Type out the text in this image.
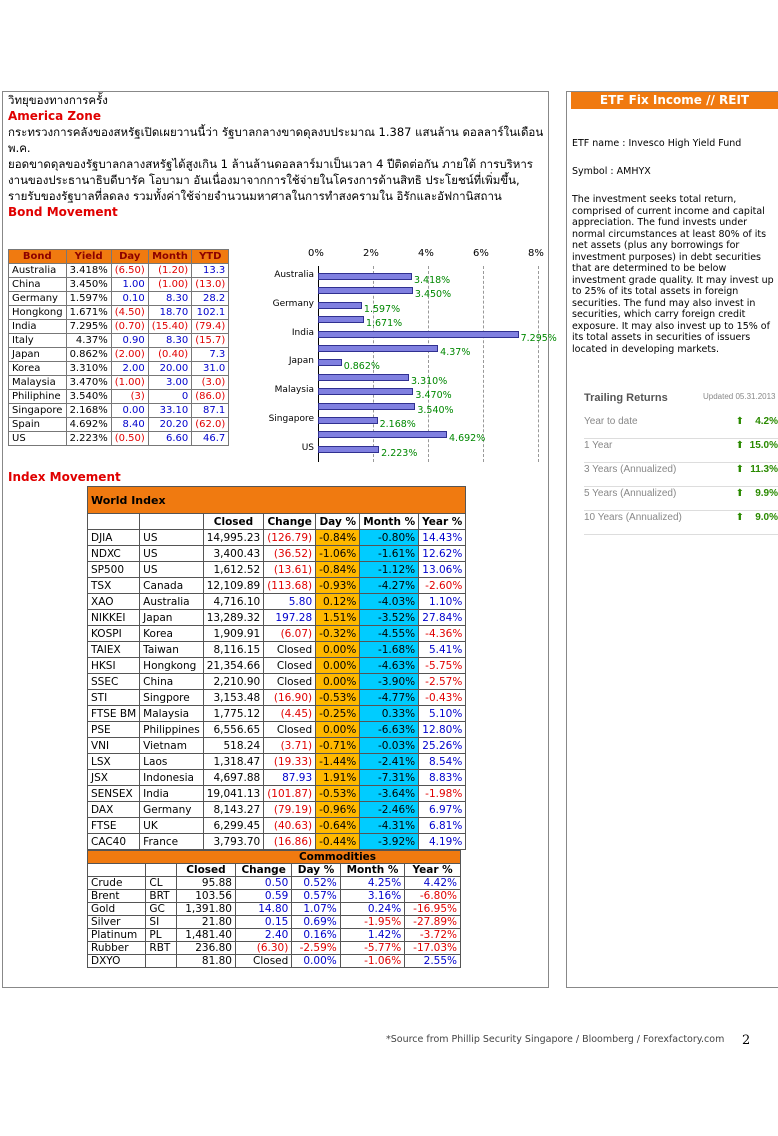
วิทยุของทางการครั้ง
America Zone
กระทรวงการคลังของสหรัฐเปิดเผยวานนี้ว่า รัฐบาลกลางขาดดุลงบประมาณ 1.387 แสนล้าน ดอลลาร์ในเดือนพ.ค.
ยอดขาดดุลของรัฐบาลกลางสหรัฐได้สูงเกิน 1 ล้านล้านดอลลาร์มาเป็นเวลา 4 ปีติดต่อกัน ภายใต้ การบริหารงานของประธานาธิบดีบารัค โอบามา อันเนื่องมาจากการใช้จ่ายในโครงการด้านสิทธิ ประโยชน์ที่เพิ่มขึ้น, รายรับของรัฐบาลที่ลดลง รวมทั้งค่าใช้จ่ายจำนวนมหาศาลในการทำสงครามใน อิรักและอัฟกานิสถาน
Bond Movement
Bond	Yield	Day	Month	YTD
Australia	3.418%	(6.50)	(1.20)	13.3
China	3.450%	1.00	(1.00)	(13.0)
Germany	1.597%	0.10	8.30	28.2
Hongkong	1.671%	(4.50)	18.70	102.1
India	7.295%	(0.70)	(15.40)	(79.4)
Italy	4.37%	0.90	8.30	(15.7)
Japan	0.862%	(2.00)	(0.40)	7.3
Korea	3.310%	2.00	20.00	31.0
Malaysia	3.470%	(1.00)	3.00	(3.0)
Philiphine	3.540%	(3)	0	(86.0)
Singapore	2.168%	0.00	33.10	87.1
Spain	4.692%	8.40	20.20	(62.0)
US	2.223%	(0.50)	6.60	46.7
0%	2%	4%	6%	8%
Australia	3.418%
3.450%
Germany	1.597%
1.671%
India	7.295%
4.37%
Japan	0.862%
3.310%
Malaysia	3.470%
3.540%
Singapore	2.168%
4.692%
US	2.223%
Index Movement
World Index						
		Closed	Change	Day %	Month %	Year %
DJIA	US	14,995.23	(126.79)	-0.84%	-0.80%	14.43%
NDXC	US	3,400.43	(36.52)	-1.06%	-1.61%	12.62%
SP500	US	1,612.52	(13.61)	-0.84%	-1.12%	13.06%
TSX	Canada	12,109.89	(113.68)	-0.93%	-4.27%	-2.60%
XAO	Australia	4,716.10	5.80	0.12%	-4.03%	1.10%
NIKKEI	Japan	13,289.32	197.28	1.51%	-3.52%	27.84%
KOSPI	Korea	1,909.91	(6.07)	-0.32%	-4.55%	-4.36%
TAIEX	Taiwan	8,116.15	Closed	0.00%	-1.68%	5.41%
HKSI	Hongkong	21,354.66	Closed	0.00%	-4.63%	-5.75%
SSEC	China	2,210.90	Closed	0.00%	-3.90%	-2.57%
STI	Singpore	3,153.48	(16.90)	-0.53%	-4.77%	-0.43%
FTSE BM	Malaysia	1,775.12	(4.45)	-0.25%	0.33%	5.10%
PSE	Philippines	6,556.65	Closed	0.00%	-6.63%	12.80%
VNI	Vietnam	518.24	(3.71)	-0.71%	-0.03%	25.26%
LSX	Laos	1,318.47	(19.33)	-1.44%	-2.41%	8.54%
JSX	Indonesia	4,697.88	87.93	1.91%	-7.31%	8.83%
SENSEX	India	19,041.13	(101.87)	-0.53%	-3.64%	-1.98%
DAX	Germany	8,143.27	(79.19)	-0.96%	-2.46%	6.97%
FTSE	UK	6,299.45	(40.63)	-0.64%	-4.31%	6.81%
CAC40	France	3,793.70	(16.86)	-0.44%	-3.92%	4.19%
Commodities						
		Closed	Change	Day %	Month %	Year %
Crude	CL	95.88	0.50	0.52%	4.25%	4.42%
Brent	BRT	103.56	0.59	0.57%	3.16%	-6.80%
Gold	GC	1,391.80	14.80	1.07%	0.24%	-16.95%
Silver	SI	21.80	0.15	0.69%	-1.95%	-27.89%
Platinum	PL	1,481.40	2.40	0.16%	1.42%	-3.72%
Rubber	RBT	236.80	(6.30)	-2.59%	-5.77%	-17.03%
DXYO		81.80	Closed	0.00%	-1.06%	2.55%
ETF Fix Income // REIT
ETF name : Invesco High Yield Fund
Symbol : AMHYX
The investment seeks total return, comprised of current income and capital appreciation. The fund invests under normal circumstances at least 80% of its net assets (plus any borrowings for investment purposes) in debt securities that are determined to be below investment grade quality. It may invest up to 25% of its total assets in foreign securities. The fund may also invest in securities, which carry foreign credit exposure. It may also invest up to 15% of its total assets in securities of issuers located in developing markets.
Trailing Returns	Updated 05.31.2013
Year to date	⬆ 4.2%
1 Year	⬆ 15.0%
3 Years (Annualized)	⬆ 11.3%
5 Years (Annualized)	⬆ 9.9%
10 Years (Annualized)	⬆ 9.0%
*Source from Phillip Security Singapore / Bloomberg / Forexfactory.com 2
